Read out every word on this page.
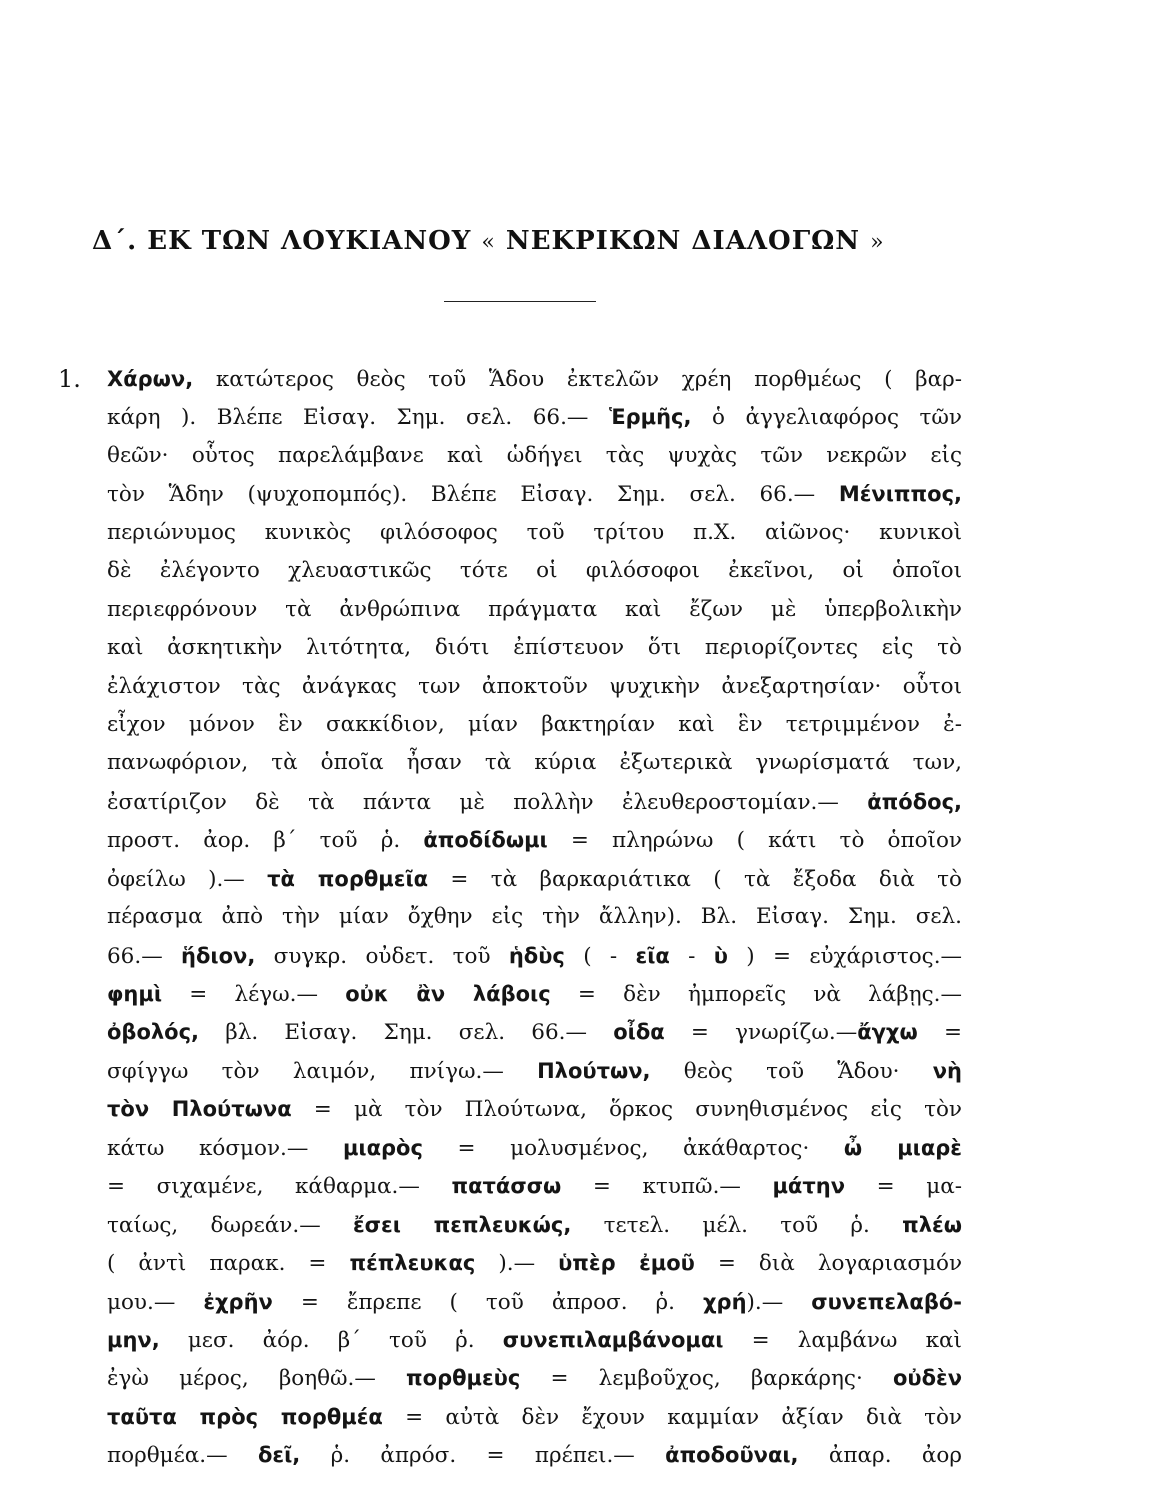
Δ΄. ΕΚ ΤΩΝ ΛΟΥΚΙΑΝΟΥ « ΝΕΚΡΙΚΩΝ ΔΙΑΛΟΓΩΝ »
1. Χάρων, κατώτερος θεὸς τοῦ Ἅδου ἐκτελῶν χρέη πορθμέως ( βαρ-
κάρη ). Βλέπε Εἰσαγ. Σημ. σελ. 66.— Ἑρμῆς, ὁ ἀγγελιαφόρος τῶν
θεῶν· οὗτος παρελάμβανε καὶ ὡδήγει τὰς ψυχὰς τῶν νεκρῶν εἰς
τὸν Ἅδην (ψυχοπομπός). Βλέπε Εἰσαγ. Σημ. σελ. 66.— Μένιππος,
περιώνυμος κυνικὸς φιλόσοφος τοῦ τρίτου π.Χ. αἰῶνος· κυνικοὶ
δὲ ἐλέγοντο χλευαστικῶς τότε οἱ φιλόσοφοι ἐκεῖνοι, οἱ ὁποῖοι
περιεφρόνουν τὰ ἀνθρώπινα πράγματα καὶ ἔζων μὲ ὑπερβολικὴν
καὶ ἀσκητικὴν λιτότητα, διότι ἐπίστευον ὅτι περιορίζοντες εἰς τὸ
ἐλάχιστον τὰς ἀνάγκας των ἀποκτοῦν ψυχικὴν ἀνεξαρτησίαν· οὗτοι
εἶχον μόνον ἓν σακκίδιον, μίαν βακτηρίαν καὶ ἓν τετριμμένον ἐ-
πανωφόριον, τὰ ὁποῖα ἦσαν τὰ κύρια ἐξωτερικὰ γνωρίσματά των,
ἐσατίριζον δὲ τὰ πάντα μὲ πολλὴν ἐλευθεροστομίαν.— ἀπόδος,
προστ. ἀορ. β΄ τοῦ ῥ. ἀποδίδωμι = πληρώνω ( κάτι τὸ ὁποῖον
ὀφείλω ).— τὰ πορθμεῖα = τὰ βαρκαριάτικα ( τὰ ἔξοδα διὰ τὸ
πέρασμα ἀπὸ τὴν μίαν ὄχθην εἰς τὴν ἄλλην). Βλ. Εἰσαγ. Σημ. σελ.
66.— ἥδιον, συγκρ. οὐδετ. τοῦ ἡδὺς ( - εῖα - ὺ ) = εὐχάριστος.—
φημὶ = λέγω.— οὐκ ἂν λάβοις = δὲν ἠμπορεῖς νὰ λάβῃς.—
ὀβολός, βλ. Εἰσαγ. Σημ. σελ. 66.— οἶδα = γνωρίζω.—ἄγχω =
σφίγγω τὸν λαιμόν, πνίγω.— Πλούτων, θεὸς τοῦ Ἅδου· νὴ
τὸν Πλούτωνα = μὰ τὸν Πλούτωνα, ὅρκος συνηθισμένος εἰς τὸν
κάτω κόσμον.— μιαρὸς = μολυσμένος, ἀκάθαρτος· ὦ μιαρὲ
= σιχαμένε, κάθαρμα.— πατάσσω = κτυπῶ.— μάτην = μα-
ταίως, δωρεάν.— ἔσει πεπλευκώς, τετελ. μέλ. τοῦ ῥ. πλέω
( ἀντὶ παρακ. = πέπλευκας ).— ὑπὲρ ἐμοῦ = διὰ λογαριασμόν
μου.— ἐχρῆν = ἔπρεπε ( τοῦ ἀπροσ. ῥ. χρή).— συνεπελαβό-
μην, μεσ. ἀόρ. β΄ τοῦ ῥ. συνεπιλαμβάνομαι = λαμβάνω καὶ
ἐγὼ μέρος, βοηθῶ.— πορθμεὺς = λεμβοῦχος, βαρκάρης· οὐδὲν
ταῦτα πρὸς πορθμέα = αὐτὰ δὲν ἔχουν καμμίαν ἀξίαν διὰ τὸν
πορθμέα.— δεῖ, ῥ. ἀπρόσ. = πρέπει.— ἀποδοῦναι, ἀπαρ. ἀορ
